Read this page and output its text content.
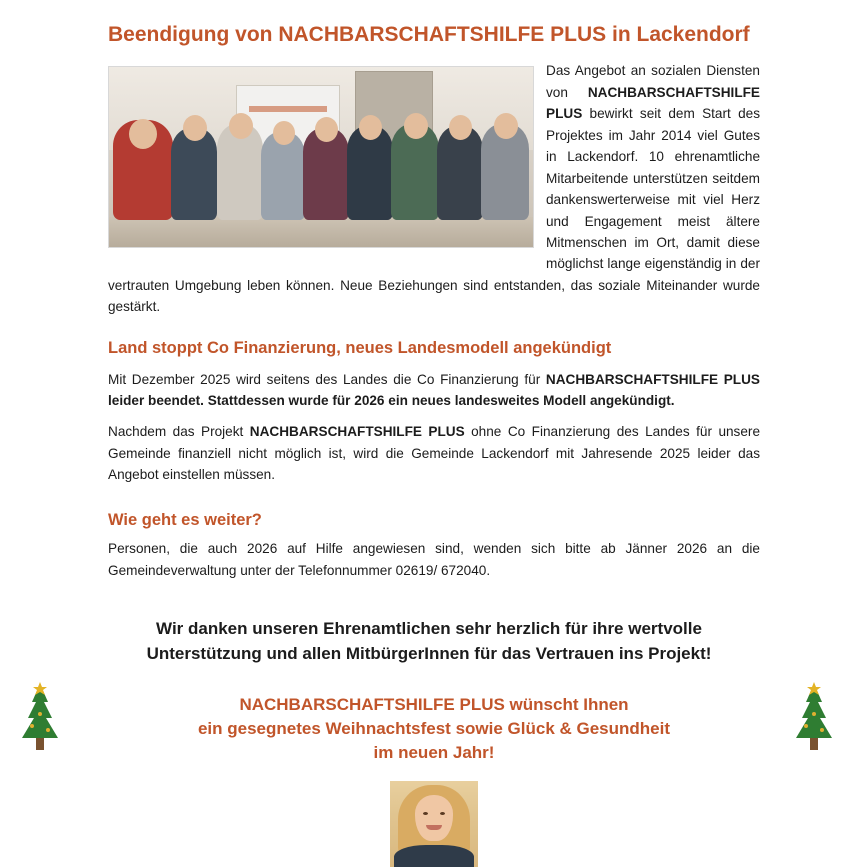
Beendigung von NACHBARSCHAFTSHILFE PLUS in Lackendorf

Das Angebot an sozialen Diensten von NACHBARSCHAFTSHILFE PLUS bewirkt seit dem Start des Projektes im Jahr 2014 viel Gutes in Lackendorf. 10 ehrenamtliche Mitarbeitende unterstützen seitdem dankenswerterweise mit viel Herz und Engagement meist ältere Mitmenschen im Ort, damit diese möglichst lange eigenständig in der vertrauten Umgebung leben können. Neue Beziehungen sind entstanden, das soziale Miteinander wurde gestärkt.

Land stoppt Co Finanzierung, neues Landesmodell angekündigt

Mit Dezember 2025 wird seitens des Landes die Co Finanzierung für NACHBARSCHAFTSHILFE PLUS leider beendet. Stattdessen wurde für 2026 ein neues landesweites Modell angekündigt.

Nachdem das Projekt NACHBARSCHAFTSHILFE PLUS ohne Co Finanzierung des Landes für unsere Gemeinde finanziell nicht möglich ist, wird die Gemeinde Lackendorf mit Jahresende 2025 leider das Angebot einstellen müssen.

Wie geht es weiter?

Personen, die auch 2026 auf Hilfe angewiesen sind, wenden sich bitte ab Jänner 2026 an die Gemeindeverwaltung unter der Telefonnummer 02619/ 672040.

Wir danken unseren Ehrenamtlichen sehr herzlich für ihre wertvolle
Unterstützung und allen MitbürgerInnen für das Vertrauen ins Projekt!

NACHBARSCHAFTSHILFE PLUS wünscht Ihnen
ein gesegnetes Weihnachtsfest sowie Glück & Gesundheit
im neuen Jahr!
